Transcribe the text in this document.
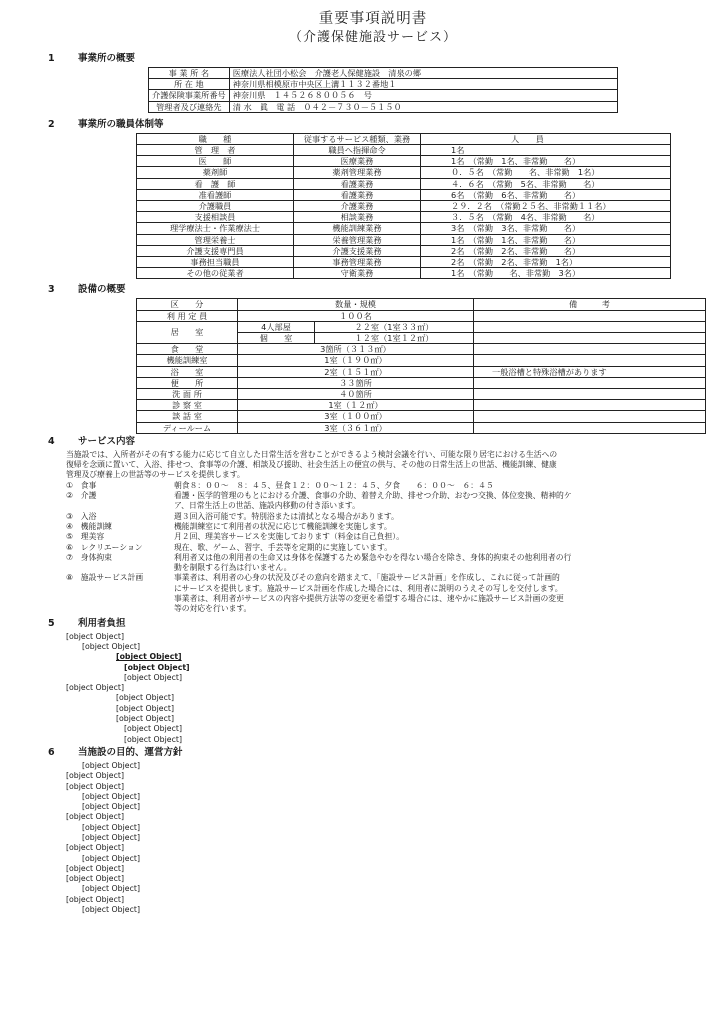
重要事項説明書
（介護保健施設サービス）
1 事業所の概要
事 業 所 名	医療法人社団小松会　介護老人保健施設　清泉の郷
所 在 地	神奈川県相模原市中央区上溝１１３２番地１
介護保険事業所番号	神奈川県　１４５２６８００５６　号
管理者及び連絡先	清 水　眞　電 話　０４２－７３０－５１５０
2 事業所の職員体制等
職　　種	従事するサービス種類、業務	人　　員
管　理　者	職員へ指揮命令	1名
医　　師	医療業務	1名　（常勤　1名、非常勤　　名）
薬剤師	薬剤管理業務	０．５名　（常勤　　名、非常勤　1名）
看　護　師	看護業務	４．６名　（常勤　5名、非常勤　　名）
准看護師	看護業務	6名　（常勤　6名、非常勤　　名）
介護職員	介護業務	２９．２名　（常勤２５名、非常勤１１名）
支援相談員	相談業務	３．５名　（常勤　4名、非常勤　　名）
理学療法士・作業療法士	機能訓練業務	3名　（常勤　3名、非常勤　　名）
管理栄養士	栄養管理業務	1名　（常勤　1名、非常勤　　名）
介護支援専門員	介護支援業務	2名　（常勤　2名、非常勤　　名）
事務担当職員	事務管理業務	2名　（常勤　2名、非常勤　1名）
その他の従業者	守衛業務	1名　（常勤　　名、非常勤　3名）
3 設備の概要
区　　分	数量・規模		備　　　考
利 用 定 員	１００名		
居　　室	4人部屋	２２室（1室３３㎡）	
	個　　室	１２室（1室１２㎡）	
食　　堂	3箇所（３１３㎡）		
機能訓練室	1室（１９０㎡）		
浴　　室	2室（１５１㎡）		一般浴槽と特殊浴槽があります
便　　所	３３箇所		
洗 面 所	４０箇所		
診 察 室	1室（１２㎡）		
談 話 室	3室（１００㎡）		
ディールーム	3室（３６１㎡）		
4 サービス内容
当施設では、入所者がその有する能力に応じて自立した日常生活を営むことができるよう検討会議を行い、可能な限り居宅における生活への
復帰を念頭に置いて、入浴、排せつ、食事等の介護、相談及び援助、社会生活上の便宜の供与、その他の日常生活上の世話、機能訓練、健康
管理及び療養上の世話等のサービスを提供します。
①　食事	朝食８：００～　８：４５、昼食１２：００～１２：４５、夕食　　６：００～　６：４５
②　介護	看護・医学的管理のもとにおける介護、食事の介助、着替え介助、排せつ介助、おむつ交換、体位変換、精神的ケ
ア、日常生活上の世話、施設内移動の付き添います。
③　入浴	週３回入浴可能です。特別浴または清拭となる場合があります。
④　機能訓練	機能訓練室にて利用者の状況に応じて機能訓練を実施します。
⑤　理美容	月２回、理美容サービスを実施しております（料金は自己負担）。
⑥　レクリエーション	現在、歌、ゲーム、習字、手芸等を定期的に実施しています。
⑦　身体拘束	利用者又は他の利用者の生命又は身体を保護するため緊急やむを得ない場合を除き、身体的拘束その他利用者の行
動を制限する行為は行いません。
⑧　施設サービス計画	事業者は、利用者の心身の状況及びその意向を踏まえて、「施設サービス計画」を作成し、これに従って計画的
にサービスを提供します。施設サービス計画を作成した場合には、利用者に説明のうえその写しを交付します。
事業者は、利用者がサービスの内容や提供方法等の変更を希望する場合には、速やかに施設サービス計画の変更
等の対応を行います。
5 利用者負担
[object Object]
[object Object]
[object Object]
[object Object]
[object Object]
[object Object]
[object Object]
[object Object]
[object Object]
[object Object]
[object Object]
6 当施設の目的、運営方針
[object Object]
[object Object]
[object Object]
[object Object]
[object Object]
[object Object]
[object Object]
[object Object]
[object Object]
[object Object]
[object Object]
[object Object]
[object Object]
[object Object]
[object Object]
